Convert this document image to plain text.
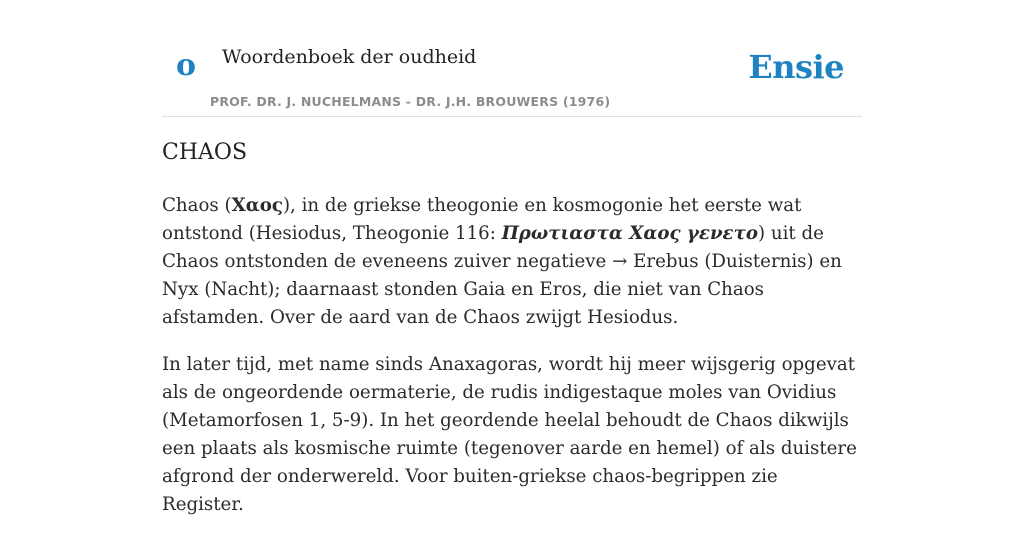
o Woordenboek der oudheid
PROF. DR. J. NUCHELMANS - DR. J.H. BROUWERS (1976)
Ensie
CHAOS

Chaos (Χαος), in de griekse theogonie en kosmogonie het eerste wat ontstond (Hesiodus, Theogonie 116: Πρωτιαστα Χαος γενετο) uit de Chaos ontstonden de eveneens zuiver negatieve → Erebus (Duisternis) en Nyx (Nacht); daarnaast stonden Gaia en Eros, die niet van Chaos afstamden. Over de aard van de Chaos zwijgt Hesiodus.

In later tijd, met name sinds Anaxagoras, wordt hij meer wijsgerig opgevat als de ongeordende oermaterie, de rudis indigestaque moles van Ovidius (Metamorfosen 1, 5-9). In het geordende heelal behoudt de Chaos dikwijls een plaats als kosmische ruimte (tegenover aarde en hemel) of als duistere afgrond der onderwereld. Voor buiten-griekse chaos-begrippen zie Register.
